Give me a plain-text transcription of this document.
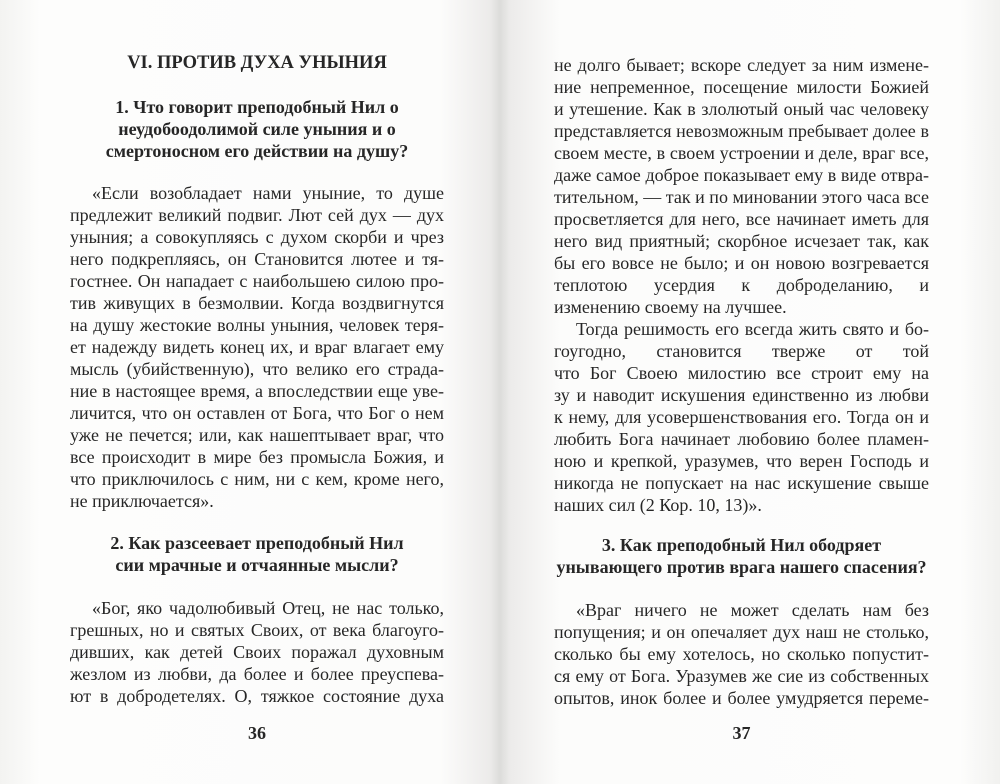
VI. ПРОТИВ ДУХА УНЫНИЯ
1. Что говорит преподобный Нил о
неудобоодолимой силе уныния и о
смертоносном его действии на душу?
«Если возобладает нами уныние, то душе
предлежит великий подвиг. Лют сей дух — дух
уныния; а совокупляясь с духом скорби и чрез
него подкрепляясь, он Становится лютее и тя-
гостнее. Он нападает с наибольшею силою про-
тив живущих в безмолвии. Когда воздвигнутся
на душу жестокие волны уныния, человек теря-
ет надежду видеть конец их, и враг влагает ему
мысль (убийственную), что велико его страда-
ние в настоящее время, а впоследствии еще уве-
личится, что он оставлен от Бога, что Бог о нем
уже не печется; или, как нашептывает враг, что
все происходит в мире без промысла Божия, и
что приключилось с ним, ни с кем, кроме него,
не приключается».
2. Как разсеевает преподобный Нил
сии мрачные и отчаянные мысли?
«Бог, яко чадолюбивый Отец, не нас только,
грешных, но и святых Своих, от века благоуго-
дивших, как детей Своих поражал духовным
жезлом из любви, да более и более преуспева-
ют в добродетелях. О, тяжкое состояние духа
36
не долго бывает; вскоре следует за ним измене-
ние непременное, посещение милости Божией
и утешение. Как в злолютый оный час человеку
представляется невозможным пребывает долее в
своем месте, в своем устроении и деле, враг все,
даже самое доброе показывает ему в виде отвра-
тительном, — так и по миновании этого часа все
просветляется для него, все начинает иметь для
него вид приятный; скорбное исчезает так, как
бы его вовсе не было; и он новою возгревается
теплотою усердия к доброделанию, и
изменению своему на лучшее.
Тогда решимость его всегда жить свято и бо-
гоугодно, становится тверже от той
что Бог Своею милостию все строит ему на
зу и наводит искушения единственно из любви
к нему, для усовершенствования его. Тогда он и
любить Бога начинает любовию более пламен-
ною и крепкой, уразумев, что верен Господь и
никогда не попускает на нас искушение свыше
наших сил (2 Кор. 10, 13)».
3. Как преподобный Нил ободряет
унывающего против врага нашего спасения?
«Враг ничего не может сделать нам без
попущения; и он опечаляет дух наш не столько,
сколько бы ему хотелось, но сколько попустит-
ся ему от Бога. Уразумев же сие из собственных
опытов, инок более и более умудряется переме-
37
